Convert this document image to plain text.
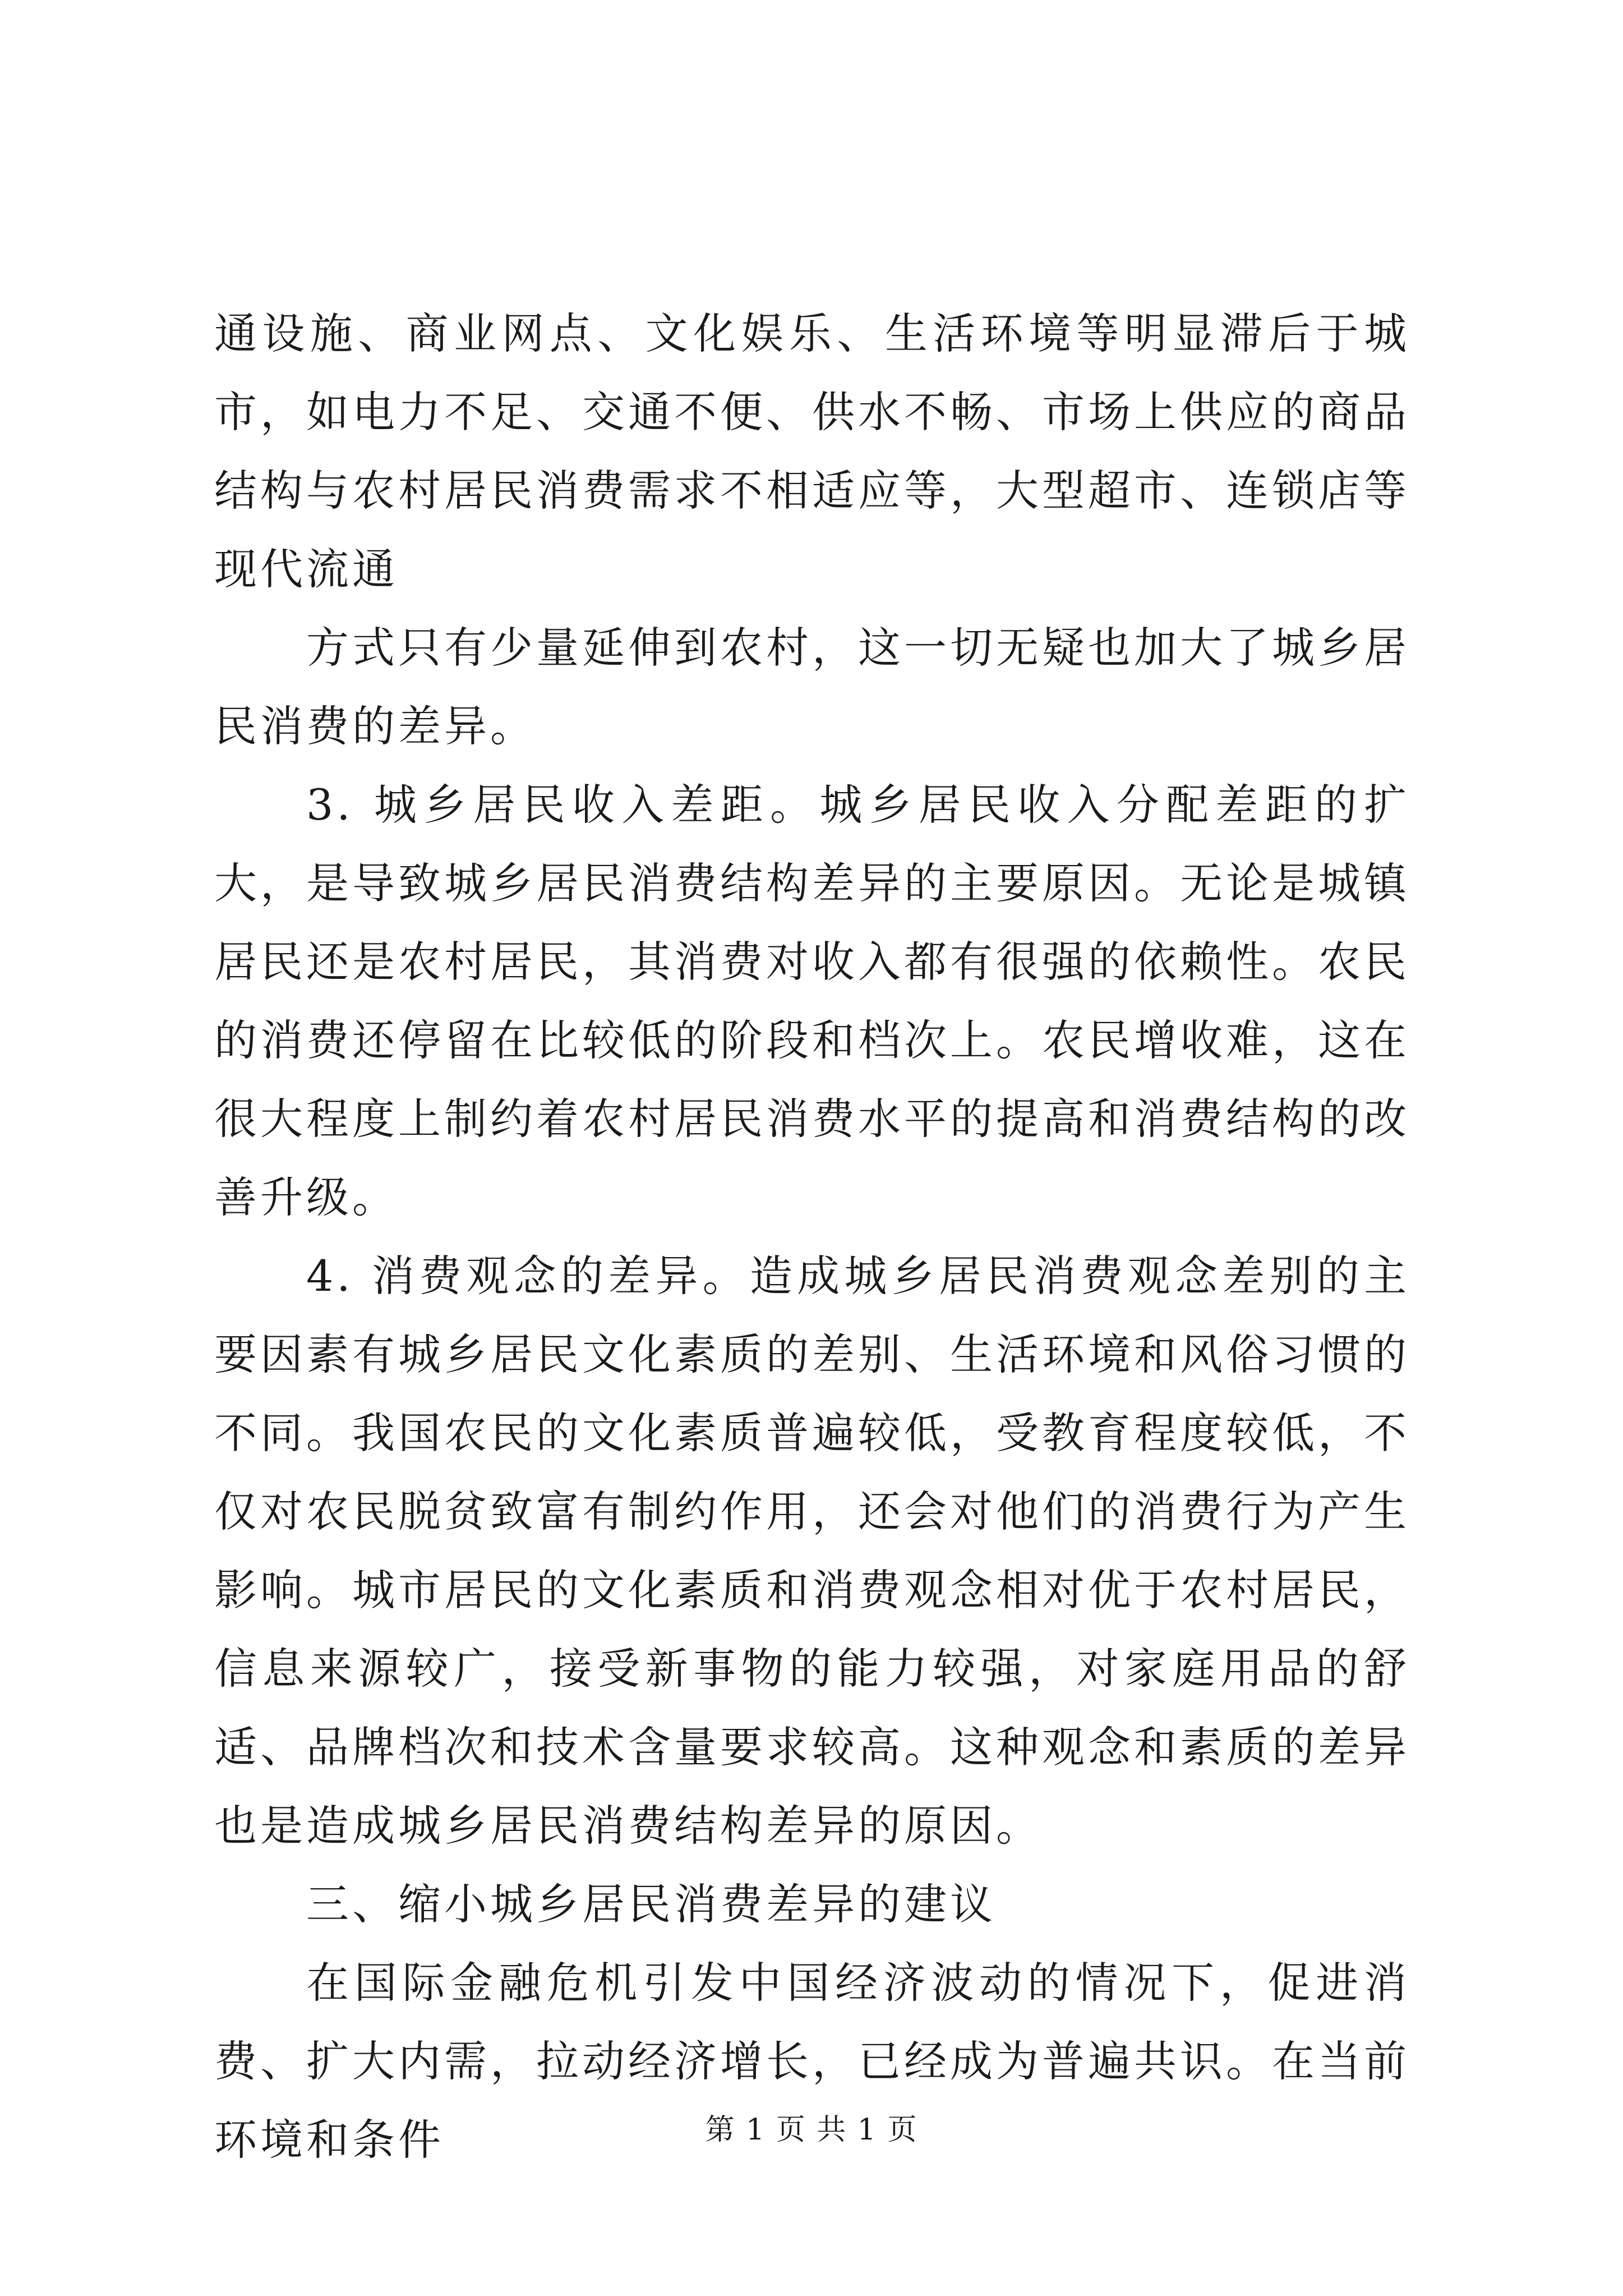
通设施、商业网点、文化娱乐、生活环境等明显滞后于城市，如电力不足、交通不便、供水不畅、市场上供应的商品结构与农村居民消费需求不相适应等，大型超市、连锁店等现代流通

方式只有少量延伸到农村，这一切无疑也加大了城乡居民消费的差异。

3. 城乡居民收入差距。城乡居民收入分配差距的扩大，是导致城乡居民消费结构差异的主要原因。无论是城镇居民还是农村居民，其消费对收入都有很强的依赖性。农民的消费还停留在比较低的阶段和档次上。农民增收难，这在很大程度上制约着农村居民消费水平的提高和消费结构的改善升级。

4. 消费观念的差异。造成城乡居民消费观念差别的主要因素有城乡居民文化素质的差别、生活环境和风俗习惯的不同。我国农民的文化素质普遍较低，受教育程度较低，不仅对农民脱贫致富有制约作用，还会对他们的消费行为产生影响。城市居民的文化素质和消费观念相对优于农村居民，信息来源较广，接受新事物的能力较强，对家庭用品的舒适、品牌档次和技术含量要求较高。这种观念和素质的差异也是造成城乡居民消费结构差异的原因。

三、缩小城乡居民消费差异的建议

在国际金融危机引发中国经济波动的情况下，促进消费、扩大内需，拉动经济增长，已经成为普遍共识。在当前环境和条件	第 1 页 共 1 页
